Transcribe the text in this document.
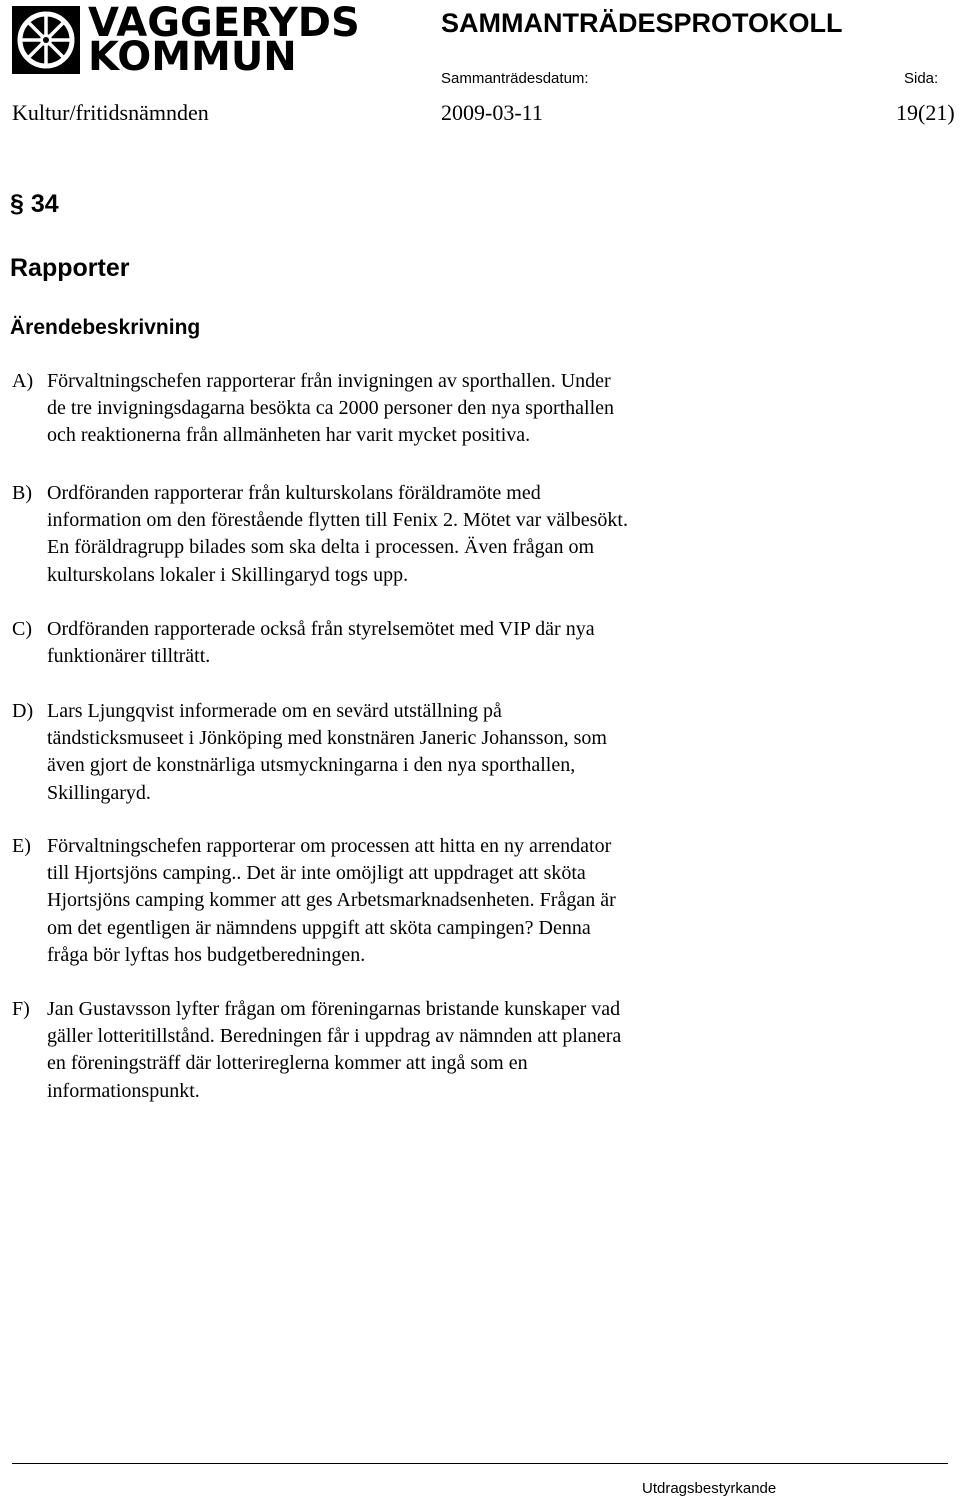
VAGGERYDS
KOMMUN
SAMMANTRÄDESPROTOKOLL
Sammanträdesdatum:	Sida:
Kultur/fritidsnämnden	2009-03-11	19(21)
§ 34
Rapporter
Ärendebeskrivning
A) Förvaltningschefen rapporterar från invigningen av sporthallen. Under
de tre invigningsdagarna besökta ca 2000 personer den nya sporthallen
och reaktionerna från allmänheten har varit mycket positiva.
B) Ordföranden rapporterar från kulturskolans föräldramöte med
information om den förestående flytten till Fenix 2. Mötet var välbesökt.
En föräldragrupp bilades som ska delta i processen. Även frågan om
kulturskolans lokaler i Skillingaryd togs upp.
C) Ordföranden rapporterade också från styrelsemötet med VIP där nya
funktionärer tillträtt.
D) Lars Ljungqvist informerade om en sevärd utställning på
tändsticksmuseet i Jönköping med konstnären Janeric Johansson, som
även gjort de konstnärliga utsmyckningarna i den nya sporthallen,
Skillingaryd.
E) Förvaltningschefen rapporterar om processen att hitta en ny arrendator
till Hjortsjöns camping.. Det är inte omöjligt att uppdraget att sköta
Hjortsjöns camping kommer att ges Arbetsmarknadsenheten. Frågan är
om det egentligen är nämndens uppgift att sköta campingen? Denna
fråga bör lyftas hos budgetberedningen.
F) Jan Gustavsson lyfter frågan om föreningarnas bristande kunskaper vad
gäller lotteritillstånd. Beredningen får i uppdrag av nämnden att planera
en föreningsträff där lotterireglerna kommer att ingå som en
informationspunkt.
Utdragsbestyrkande
